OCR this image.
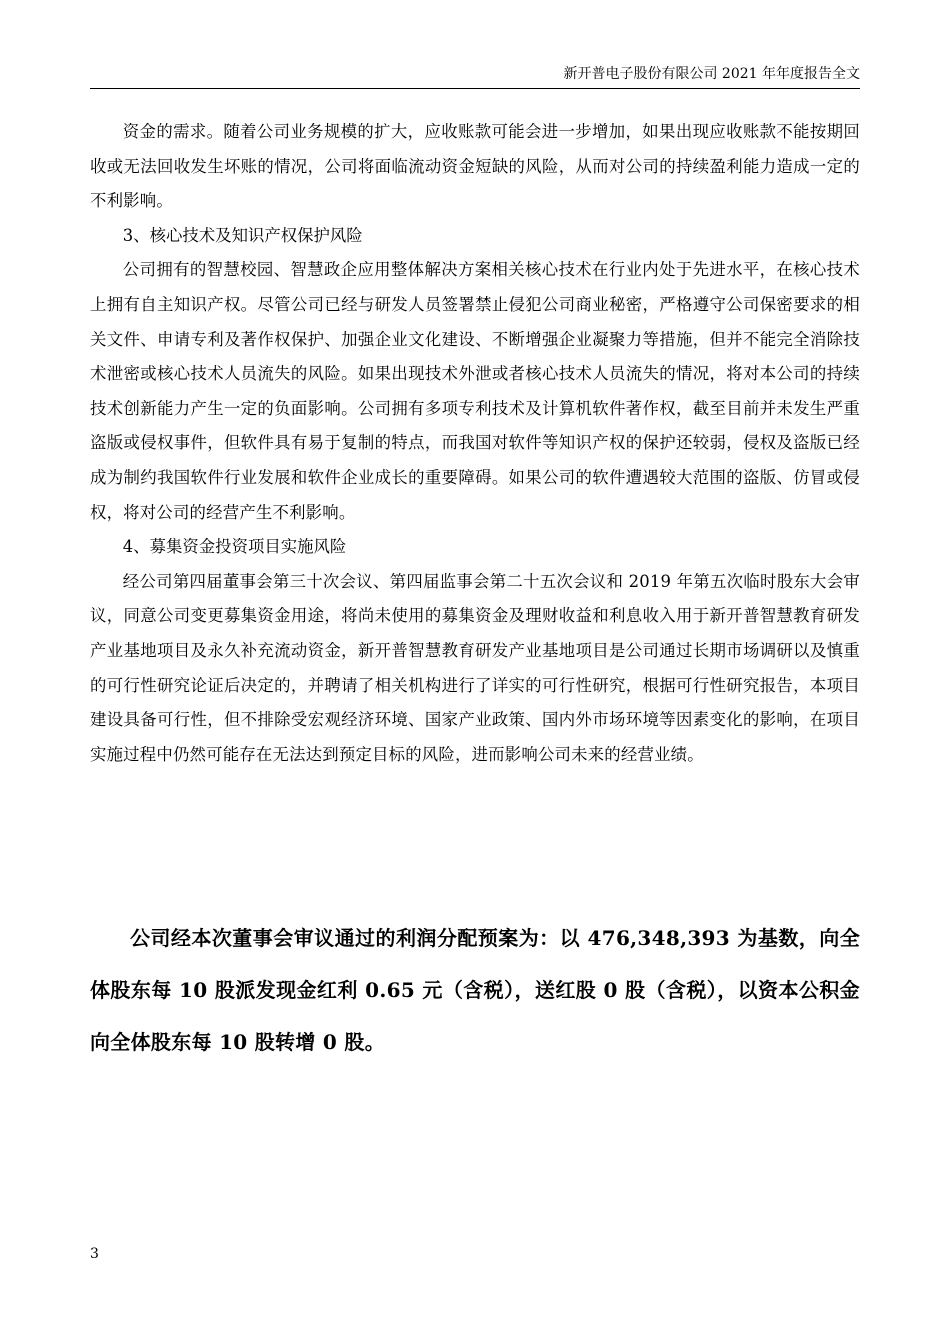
新开普电子股份有限公司 2021 年年度报告全文

资金的需求。随着公司业务规模的扩大，应收账款可能会进一步增加，如果出现应收账款不能按期回收或无法回收发生坏账的情况，公司将面临流动资金短缺的风险，从而对公司的持续盈利能力造成一定的不利影响。

3、核心技术及知识产权保护风险

公司拥有的智慧校园、智慧政企应用整体解决方案相关核心技术在行业内处于先进水平，在核心技术上拥有自主知识产权。尽管公司已经与研发人员签署禁止侵犯公司商业秘密，严格遵守公司保密要求的相关文件、申请专利及著作权保护、加强企业文化建设、不断增强企业凝聚力等措施，但并不能完全消除技术泄密或核心技术人员流失的风险。如果出现技术外泄或者核心技术人员流失的情况，将对本公司的持续技术创新能力产生一定的负面影响。公司拥有多项专利技术及计算机软件著作权，截至目前并未发生严重盗版或侵权事件，但软件具有易于复制的特点，而我国对软件等知识产权的保护还较弱，侵权及盗版已经成为制约我国软件行业发展和软件企业成长的重要障碍。如果公司的软件遭遇较大范围的盗版、仿冒或侵权，将对公司的经营产生不利影响。

4、募集资金投资项目实施风险

经公司第四届董事会第三十次会议、第四届监事会第二十五次会议和 2019 年第五次临时股东大会审议，同意公司变更募集资金用途，将尚未使用的募集资金及理财收益和利息收入用于新开普智慧教育研发产业基地项目及永久补充流动资金，新开普智慧教育研发产业基地项目是公司通过长期市场调研以及慎重的可行性研究论证后决定的，并聘请了相关机构进行了详实的可行性研究，根据可行性研究报告，本项目建设具备可行性，但不排除受宏观经济环境、国家产业政策、国内外市场环境等因素变化的影响，在项目实施过程中仍然可能存在无法达到预定目标的风险，进而影响公司未来的经营业绩。

公司经本次董事会审议通过的利润分配预案为：以 476,348,393 为基数，向全体股东每 10 股派发现金红利 0.65 元（含税），送红股 0 股（含税），以资本公积金向全体股东每 10 股转增 0 股。

3
